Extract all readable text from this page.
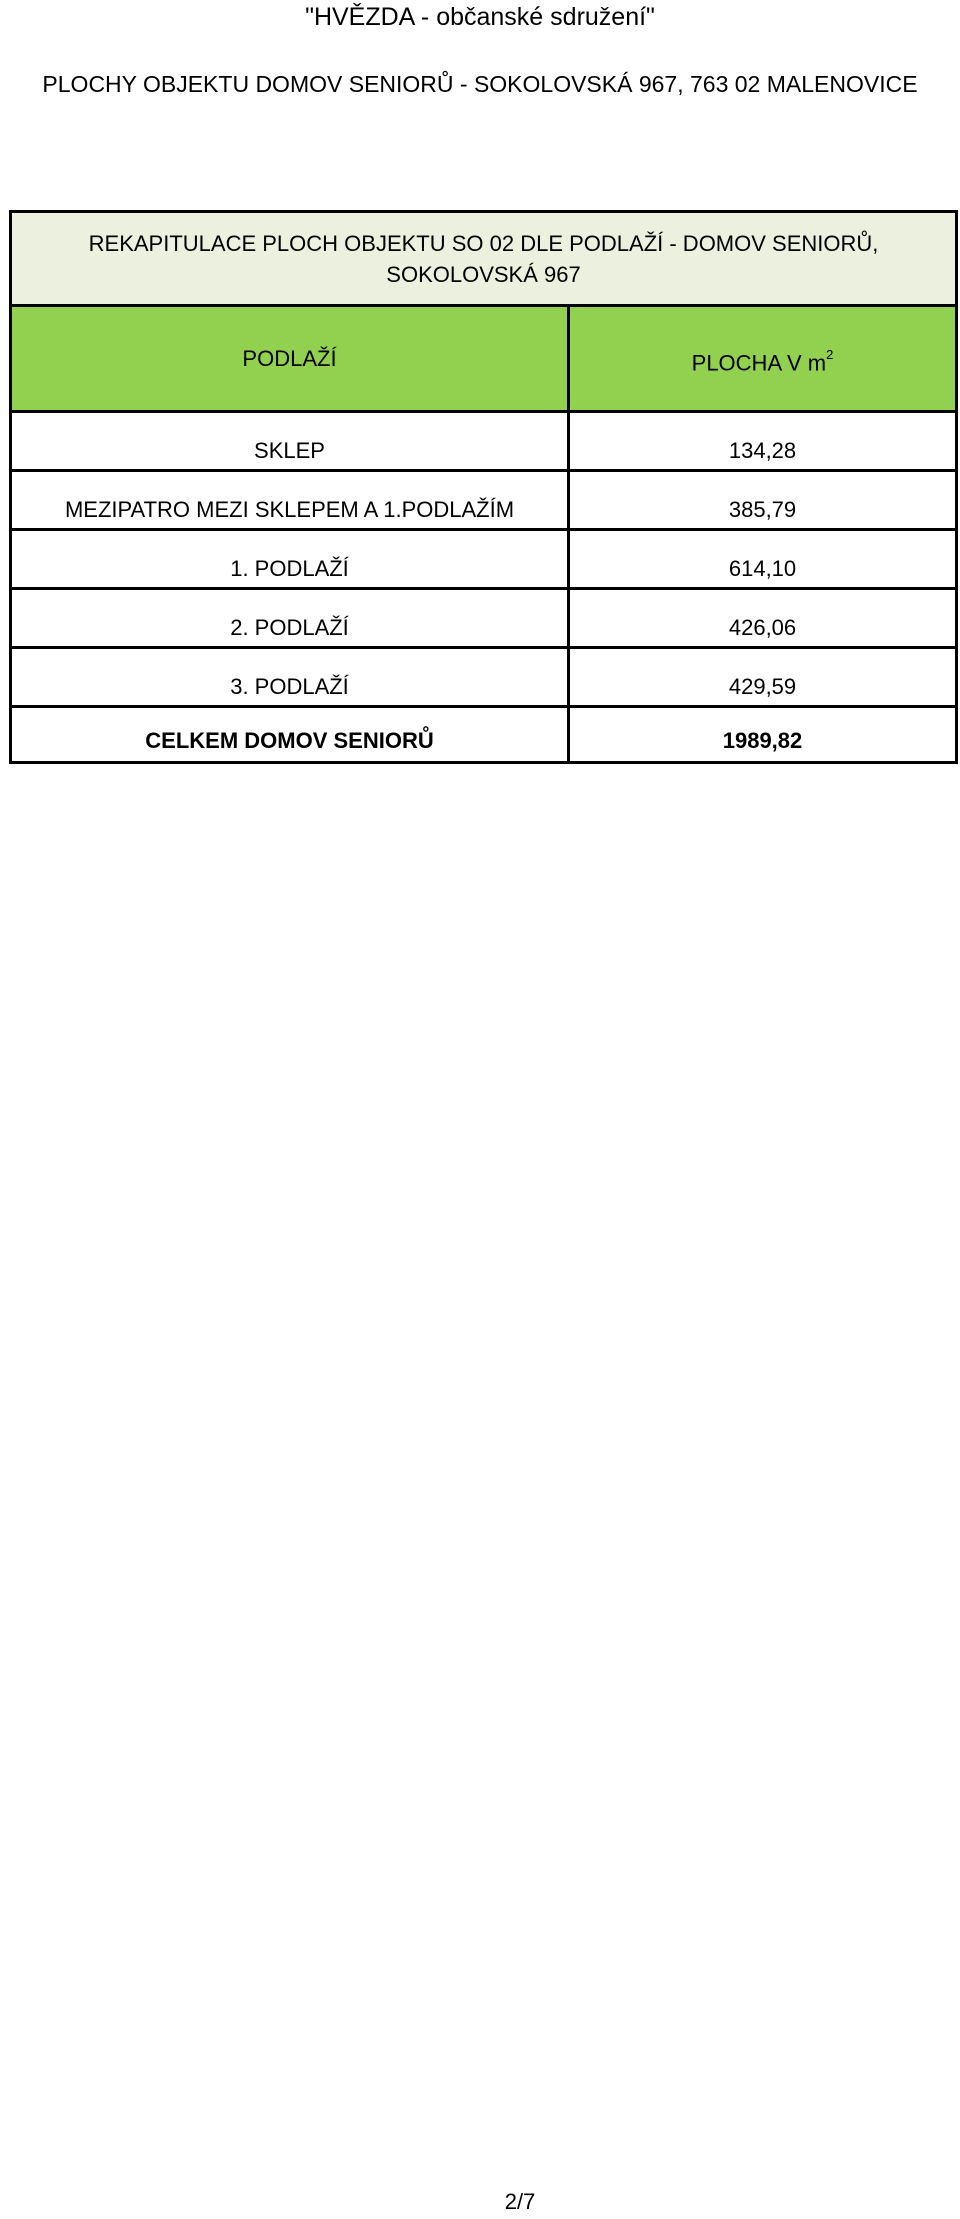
"HVĚZDA - občanské sdružení"
PLOCHY OBJEKTU DOMOV SENIORŮ - SOKOLOVSKÁ 967, 763 02 MALENOVICE
REKAPITULACE PLOCH OBJEKTU SO 02 DLE PODLAŽÍ - DOMOV SENIORŮ,
SOKOLOVSKÁ 967	

PODLAŽÍ	PLOCHA V $m^2$
SKLEP	134,28
MEZIPATRO MEZI SKLEPEM A 1.PODLAŽÍM	385,79
1. PODLAŽÍ	614,10
2. PODLAŽÍ	426,06
3. PODLAŽÍ	429,59
CELKEM DOMOV SENIORŮ	1989,82
2/7
